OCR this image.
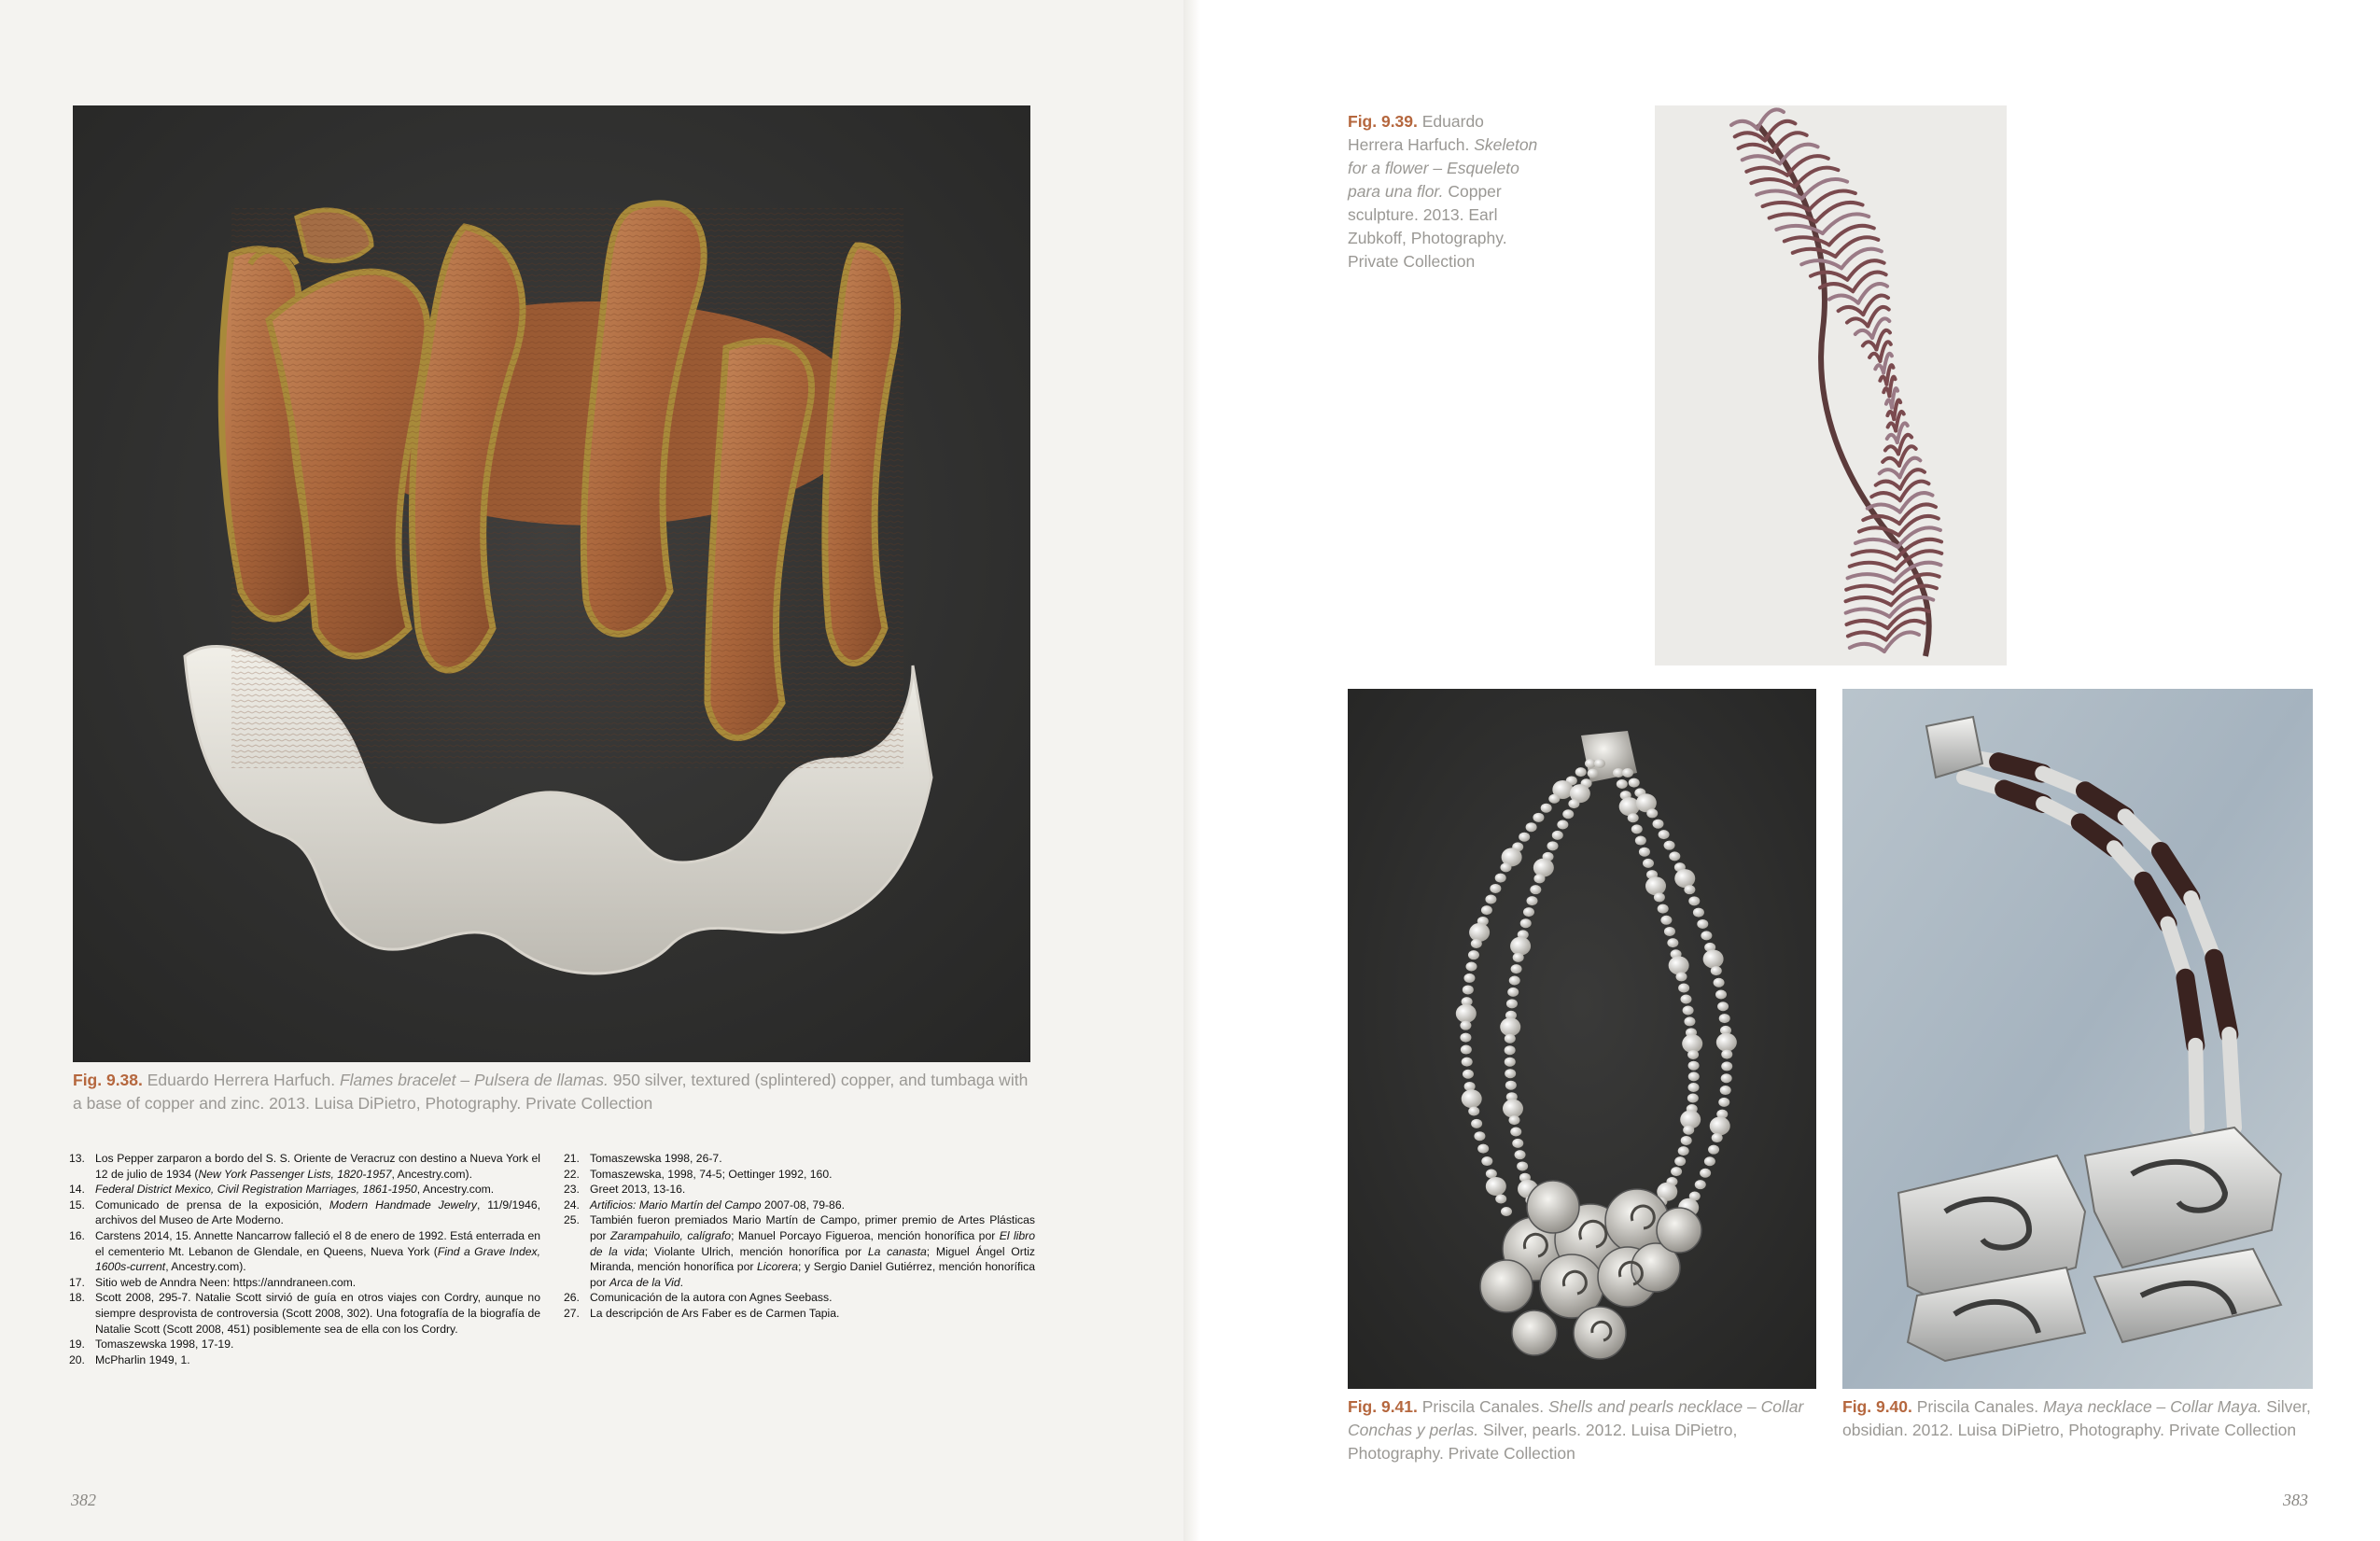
Fig. 9.38. Eduardo Herrera Harfuch. Flames bracelet – Pulsera de llamas. 950 silver, textured (splintered) copper, and tumbaga with a base of copper and zinc. 2013. Luisa DiPietro, Photography. Private Collection
13. Los Pepper zarparon a bordo del S. S. Oriente de Veracruz con destino a Nueva York el 12 de julio de 1934 (New York Passenger Lists, 1820-1957, Ancestry.com).
14. Federal District Mexico, Civil Registration Marriages, 1861-1950, Ancestry.com.
15. Comunicado de prensa de la exposición, Modern Handmade Jewelry, 11/9/1946, archivos del Museo de Arte Moderno.
16. Carstens 2014, 15. Annette Nancarrow falleció el 8 de enero de 1992. Está enterrada en el cementerio Mt. Lebanon de Glendale, en Queens, Nueva York (Find a Grave Index, 1600s-current, Ancestry.com).
17. Sitio web de Anndra Neen: https://anndraneen.com.
18. Scott 2008, 295-7. Natalie Scott sirvió de guía en otros viajes con Cordry, aunque no siempre desprovista de controversia (Scott 2008, 302). Una fotografía de la biografía de Natalie Scott (Scott 2008, 451) posiblemente sea de ella con los Cordry.
19. Tomaszewska 1998, 17-19.
20. McPharlin 1949, 1.
21. Tomaszewska 1998, 26-7.
22. Tomaszewska, 1998, 74-5; Oettinger 1992, 160.
23. Greet 2013, 13-16.
24. Artificios: Mario Martín del Campo 2007-08, 79-86.
25. También fueron premiados Mario Martín de Campo, primer premio de Artes Plásticas por Zarampahuilo, calígrafo; Manuel Porcayo Figueroa, mención honorífica por El libro de la vida; Violante Ulrich, mención honorífica por La canasta; Miguel Ángel Ortiz Miranda, mención honorífica por Licorera; y Sergio Daniel Gutiérrez, mención honorífica por Arca de la Vid.
26. Comunicación de la autora con Agnes Seebass.
27. La descripción de Ars Faber es de Carmen Tapia.
Fig. 9.39. Eduardo Herrera Harfuch. Skeleton for a flower – Esqueleto para una flor. Copper sculpture. 2013. Earl Zubkoff, Photography. Private Collection
Fig. 9.41. Priscila Canales. Shells and pearls necklace – Collar Conchas y perlas. Silver, pearls. 2012. Luisa DiPietro, Photography. Private Collection
Fig. 9.40. Priscila Canales. Maya necklace – Collar Maya. Silver, obsidian. 2012. Luisa DiPietro, Photography. Private Collection
382	383
